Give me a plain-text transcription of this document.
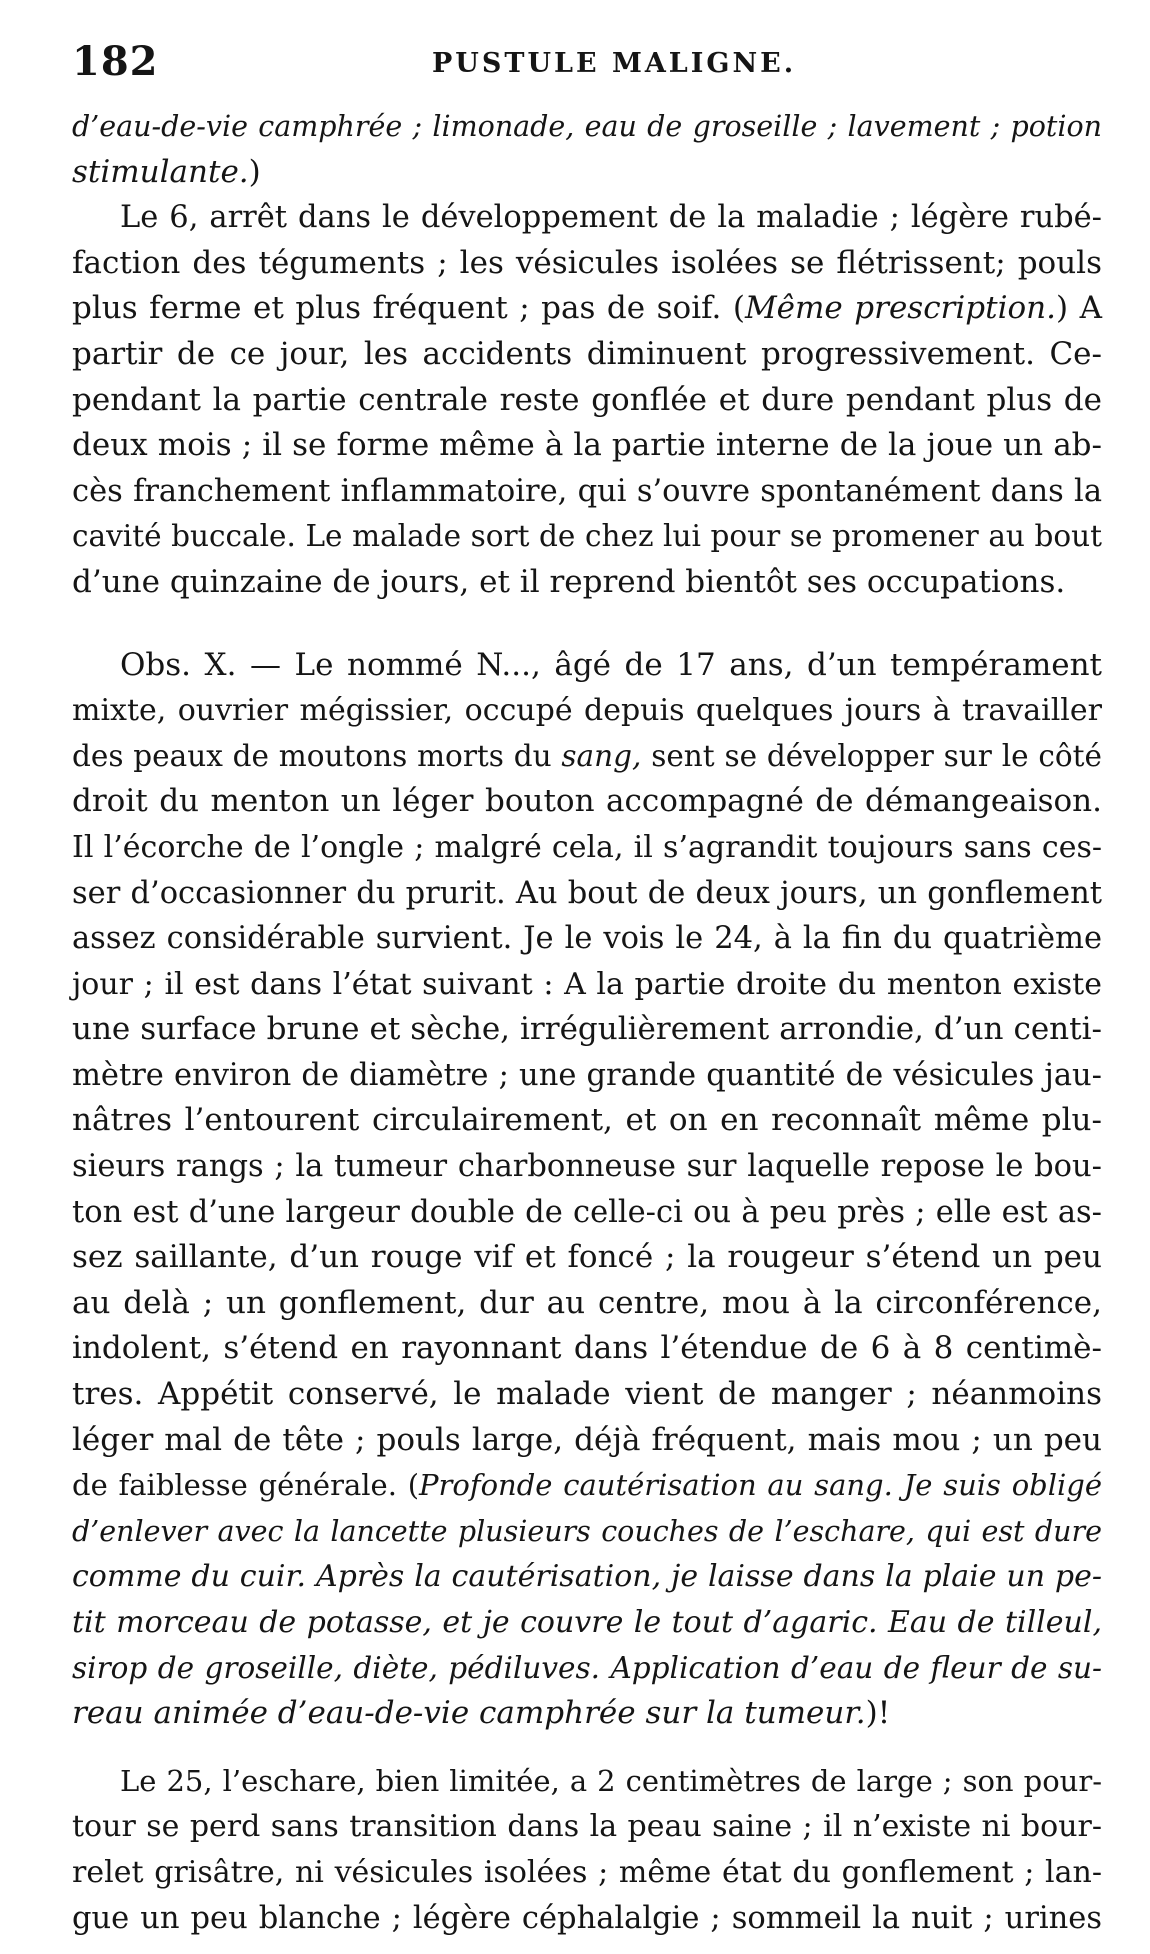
182	PUSTULE MALIGNE.
d’eau-de-vie camphrée ; limonade, eau de groseille ; lavement ; potion
stimulante.)
Le 6, arrêt dans le développement de la maladie ; légère rubé-
faction des téguments ; les vésicules isolées se flétrissent; pouls
plus ferme et plus fréquent ; pas de soif. (Même prescription.) A
partir de ce jour, les accidents diminuent progressivement. Ce-
pendant la partie centrale reste gonflée et dure pendant plus de
deux mois ; il se forme même à la partie interne de la joue un ab-
cès franchement inflammatoire, qui s’ouvre spontanément dans la
cavité buccale. Le malade sort de chez lui pour se promener au bout
d’une quinzaine de jours, et il reprend bientôt ses occupations.
Obs. X. — Le nommé N..., âgé de 17 ans, d’un tempérament
mixte, ouvrier mégissier, occupé depuis quelques jours à travailler
des peaux de moutons morts du sang, sent se développer sur le côté
droit du menton un léger bouton accompagné de démangeaison.
Il l’écorche de l’ongle ; malgré cela, il s’agrandit toujours sans ces-
ser d’occasionner du prurit. Au bout de deux jours, un gonflement
assez considérable survient. Je le vois le 24, à la fin du quatrième
jour ; il est dans l’état suivant : A la partie droite du menton existe
une surface brune et sèche, irrégulièrement arrondie, d’un centi-
mètre environ de diamètre ; une grande quantité de vésicules jau-
nâtres l’entourent circulairement, et on en reconnaît même plu-
sieurs rangs ; la tumeur charbonneuse sur laquelle repose le bou-
ton est d’une largeur double de celle-ci ou à peu près ; elle est as-
sez saillante, d’un rouge vif et foncé ; la rougeur s’étend un peu
au delà ; un gonflement, dur au centre, mou à la circonférence,
indolent, s’étend en rayonnant dans l’étendue de 6 à 8 centimè-
tres. Appétit conservé, le malade vient de manger ; néanmoins
léger mal de tête ; pouls large, déjà fréquent, mais mou ; un peu
de faiblesse générale. (Profonde cautérisation au sang. Je suis obligé
d’enlever avec la lancette plusieurs couches de l’eschare, qui est dure
comme du cuir. Après la cautérisation, je laisse dans la plaie un pe-
tit morceau de potasse, et je couvre le tout d’agaric. Eau de tilleul,
sirop de groseille, diète, pédiluves. Application d’eau de fleur de su-
reau animée d’eau-de-vie camphrée sur la tumeur.)!
Le 25, l’eschare, bien limitée, a 2 centimètres de large ; son pour-
tour se perd sans transition dans la peau saine ; il n’existe ni bour-
relet grisâtre, ni vésicules isolées ; même état du gonflement ; lan-
gue un peu blanche ; légère céphalalgie ; sommeil la nuit ; urines
